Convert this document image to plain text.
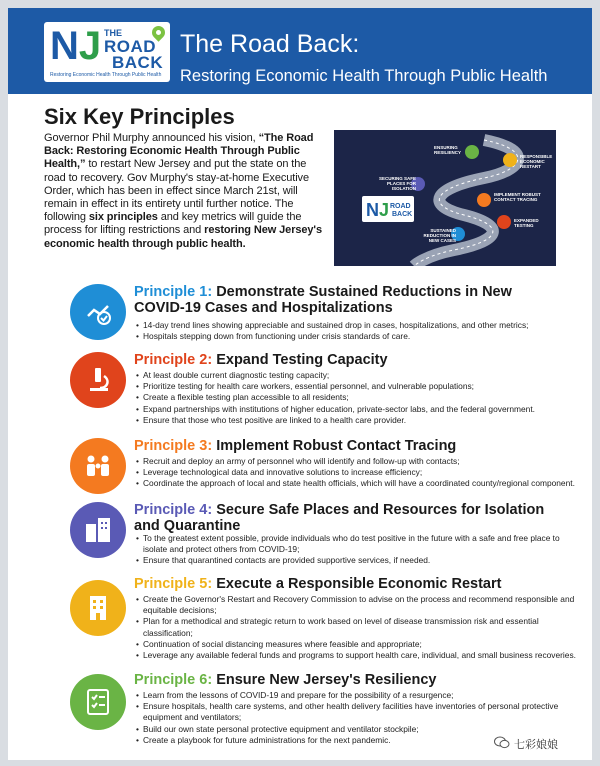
NJ THE
ROAD
BACK
Restoring Economic Health Through Public Health
The Road Back:
Restoring Economic Health Through Public Health
Six Key Principles
Governor Phil Murphy announced his vision, “The Road Back: Restoring Economic Health Through Public Health,” to restart New Jersey and put the state on the road to recovery. Gov Murphy's stay-at-home Executive Order, which has been in effect since March 21st, will remain in effect in its entirety until further notice. The following six principles and key metrics will guide the process for lifting restrictions and restoring New Jersey's economic health through public health.
NJ ROAD
BACK
ENSURING RESILIENCY
RESPONSIBLE ECONOMIC RESTART
SECURING SAFE PLACES FOR ISOLATION
IMPLEMENT ROBUST CONTACT TRACING
EXPANDED TESTING
SUSTAINED REDUCTION IN NEW CASES
Principle 1: Demonstrate Sustained Reductions in New COVID-19 Cases and Hospitalizations
• 14-day trend lines showing appreciable and sustained drop in cases, hospitalizations, and other metrics;
• Hospitals stepping down from functioning under crisis standards of care.
Principle 2: Expand Testing Capacity
• At least double current diagnostic testing capacity;
• Prioritize testing for health care workers, essential personnel, and vulnerable populations;
• Create a flexible testing plan accessible to all residents;
• Expand partnerships with institutions of higher education, private-sector labs, and the federal government.
• Ensure that those who test positive are linked to a health care provider.
Principle 3: Implement Robust Contact Tracing
• Recruit and deploy an army of personnel who will identify and follow-up with contacts;
• Leverage technological data and innovative solutions to increase efficiency;
• Coordinate the approach of local and state health officials, which will have a coordinated county/regional component.
Principle 4: Secure Safe Places and Resources for Isolation and Quarantine
• To the greatest extent possible, provide individuals who do test positive in the future with a safe and free place to isolate and protect others from COVID-19;
• Ensure that quarantined contacts are provided supportive services, if needed.
Principle 5: Execute a Responsible Economic Restart
• Create the Governor's Restart and Recovery Commission to advise on the process and recommend responsible and equitable decisions;
• Plan for a methodical and strategic return to work based on level of disease transmission risk and essential classification;
• Continuation of social distancing measures where feasible and appropriate;
• Leverage any available federal funds and programs to support health care, individual, and small business recoveries.
Principle 6: Ensure New Jersey's Resiliency
• Learn from the lessons of COVID-19 and prepare for the possibility of a resurgence;
• Ensure hospitals, health care systems, and other health delivery facilities have inventories of personal protective equipment and ventilators;
• Build our own state personal protective equipment and ventilator stockpile;
• Create a playbook for future administrations for the next pandemic.	七彩娘娘
